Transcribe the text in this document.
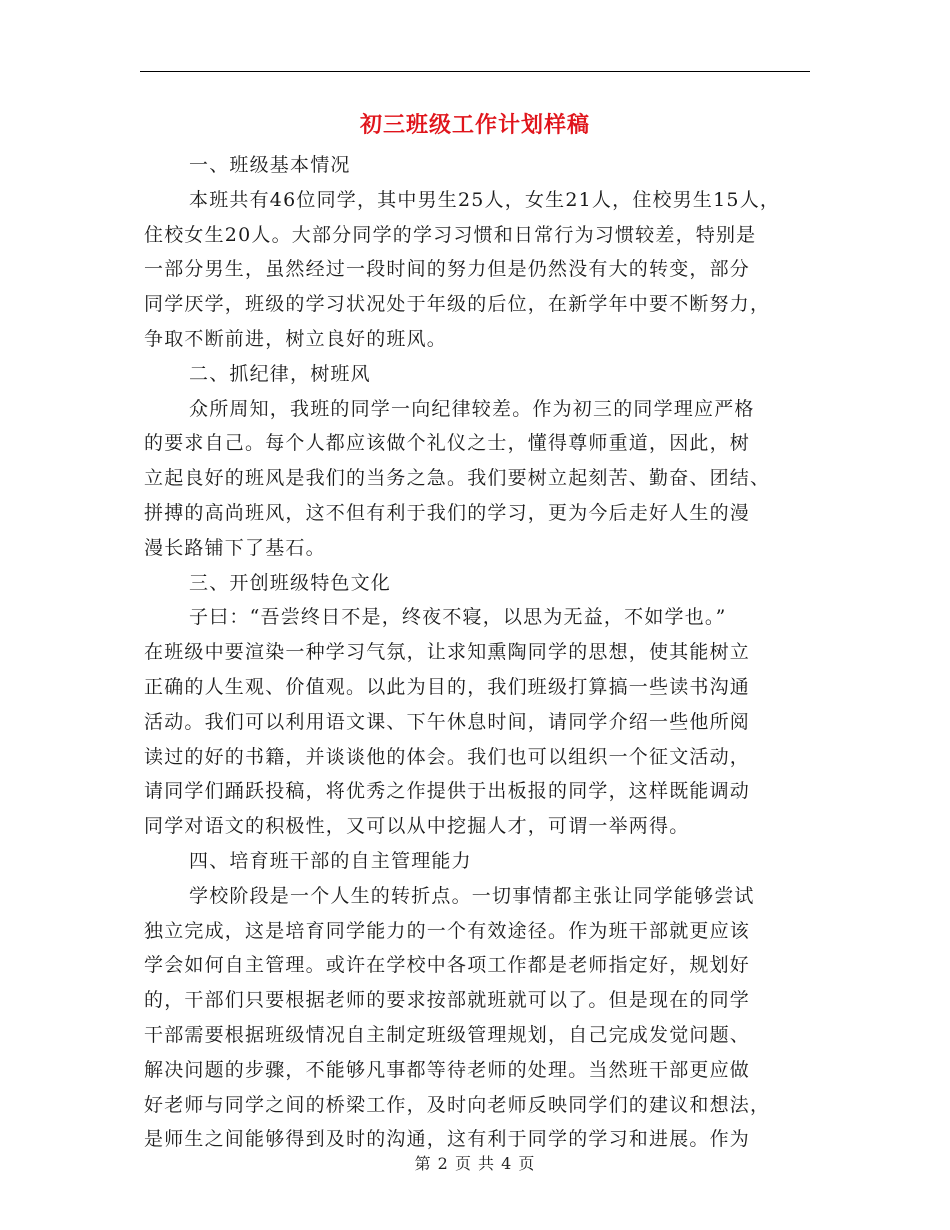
初三班级工作计划样稿
一、班级基本情况
本班共有46位同学，其中男生25人，女生21人，住校男生15人，
住校女生20人。大部分同学的学习习惯和日常行为习惯较差，特别是
一部分男生，虽然经过一段时间的努力但是仍然没有大的转变，部分
同学厌学，班级的学习状况处于年级的后位，在新学年中要不断努力，
争取不断前进，树立良好的班风。
二、抓纪律，树班风
众所周知，我班的同学一向纪律较差。作为初三的同学理应严格
的要求自己。每个人都应该做个礼仪之士，懂得尊师重道，因此，树
立起良好的班风是我们的当务之急。我们要树立起刻苦、勤奋、团结、
拼搏的高尚班风，这不但有利于我们的学习，更为今后走好人生的漫
漫长路铺下了基石。
三、开创班级特色文化
子曰：“吾尝终日不是，终夜不寝，以思为无益，不如学也。”
在班级中要渲染一种学习气氛，让求知熏陶同学的思想，使其能树立
正确的人生观、价值观。以此为目的，我们班级打算搞一些读书沟通
活动。我们可以利用语文课、下午休息时间，请同学介绍一些他所阅
读过的好的书籍，并谈谈他的体会。我们也可以组织一个征文活动，
请同学们踊跃投稿，将优秀之作提供于出板报的同学，这样既能调动
同学对语文的积极性，又可以从中挖掘人才，可谓一举两得。
四、培育班干部的自主管理能力
学校阶段是一个人生的转折点。一切事情都主张让同学能够尝试
独立完成，这是培育同学能力的一个有效途径。作为班干部就更应该
学会如何自主管理。或许在学校中各项工作都是老师指定好，规划好
的，干部们只要根据老师的要求按部就班就可以了。但是现在的同学
干部需要根据班级情况自主制定班级管理规划，自己完成发觉问题、
解决问题的步骤，不能够凡事都等待老师的处理。当然班干部更应做
好老师与同学之间的桥梁工作，及时向老师反映同学们的建议和想法，
是师生之间能够得到及时的沟通，这有利于同学的学习和进展。作为
第 2 页 共 4 页
